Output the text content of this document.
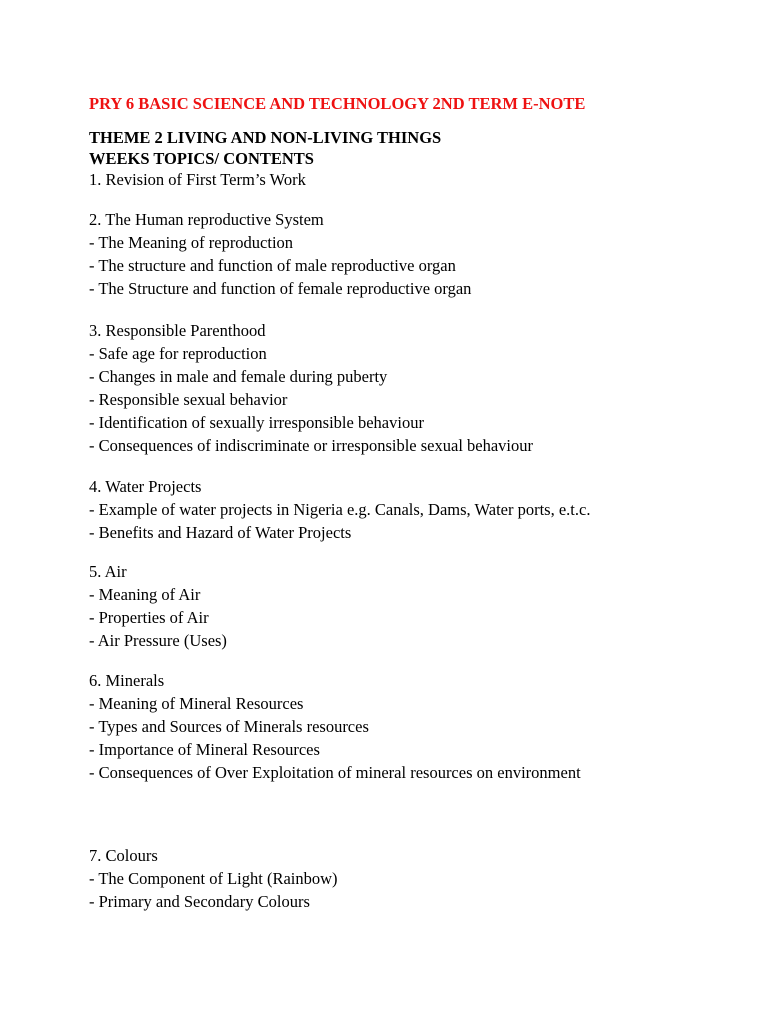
PRY 6 BASIC SCIENCE AND TECHNOLOGY 2ND TERM E-NOTE

THEME 2 LIVING AND NON-LIVING THINGS
WEEKS TOPICS/ CONTENTS
1. Revision of First Term’s Work
2. The Human reproductive System
- The Meaning of reproduction
- The structure and function of male reproductive organ
- The Structure and function of female reproductive organ
3. Responsible Parenthood
- Safe age for reproduction
- Changes in male and female during puberty
- Responsible sexual behavior
- Identification of sexually irresponsible behaviour
- Consequences of indiscriminate or irresponsible sexual behaviour
4. Water Projects
- Example of water projects in Nigeria e.g. Canals, Dams, Water ports, e.t.c.
- Benefits and Hazard of Water Projects
5. Air
- Meaning of Air
- Properties of Air
- Air Pressure (Uses)
6. Minerals
- Meaning of Mineral Resources
- Types and Sources of Minerals resources
- Importance of Mineral Resources
- Consequences of Over Exploitation of mineral resources on environment
7. Colours
- The Component of Light (Rainbow)
- Primary and Secondary Colours
